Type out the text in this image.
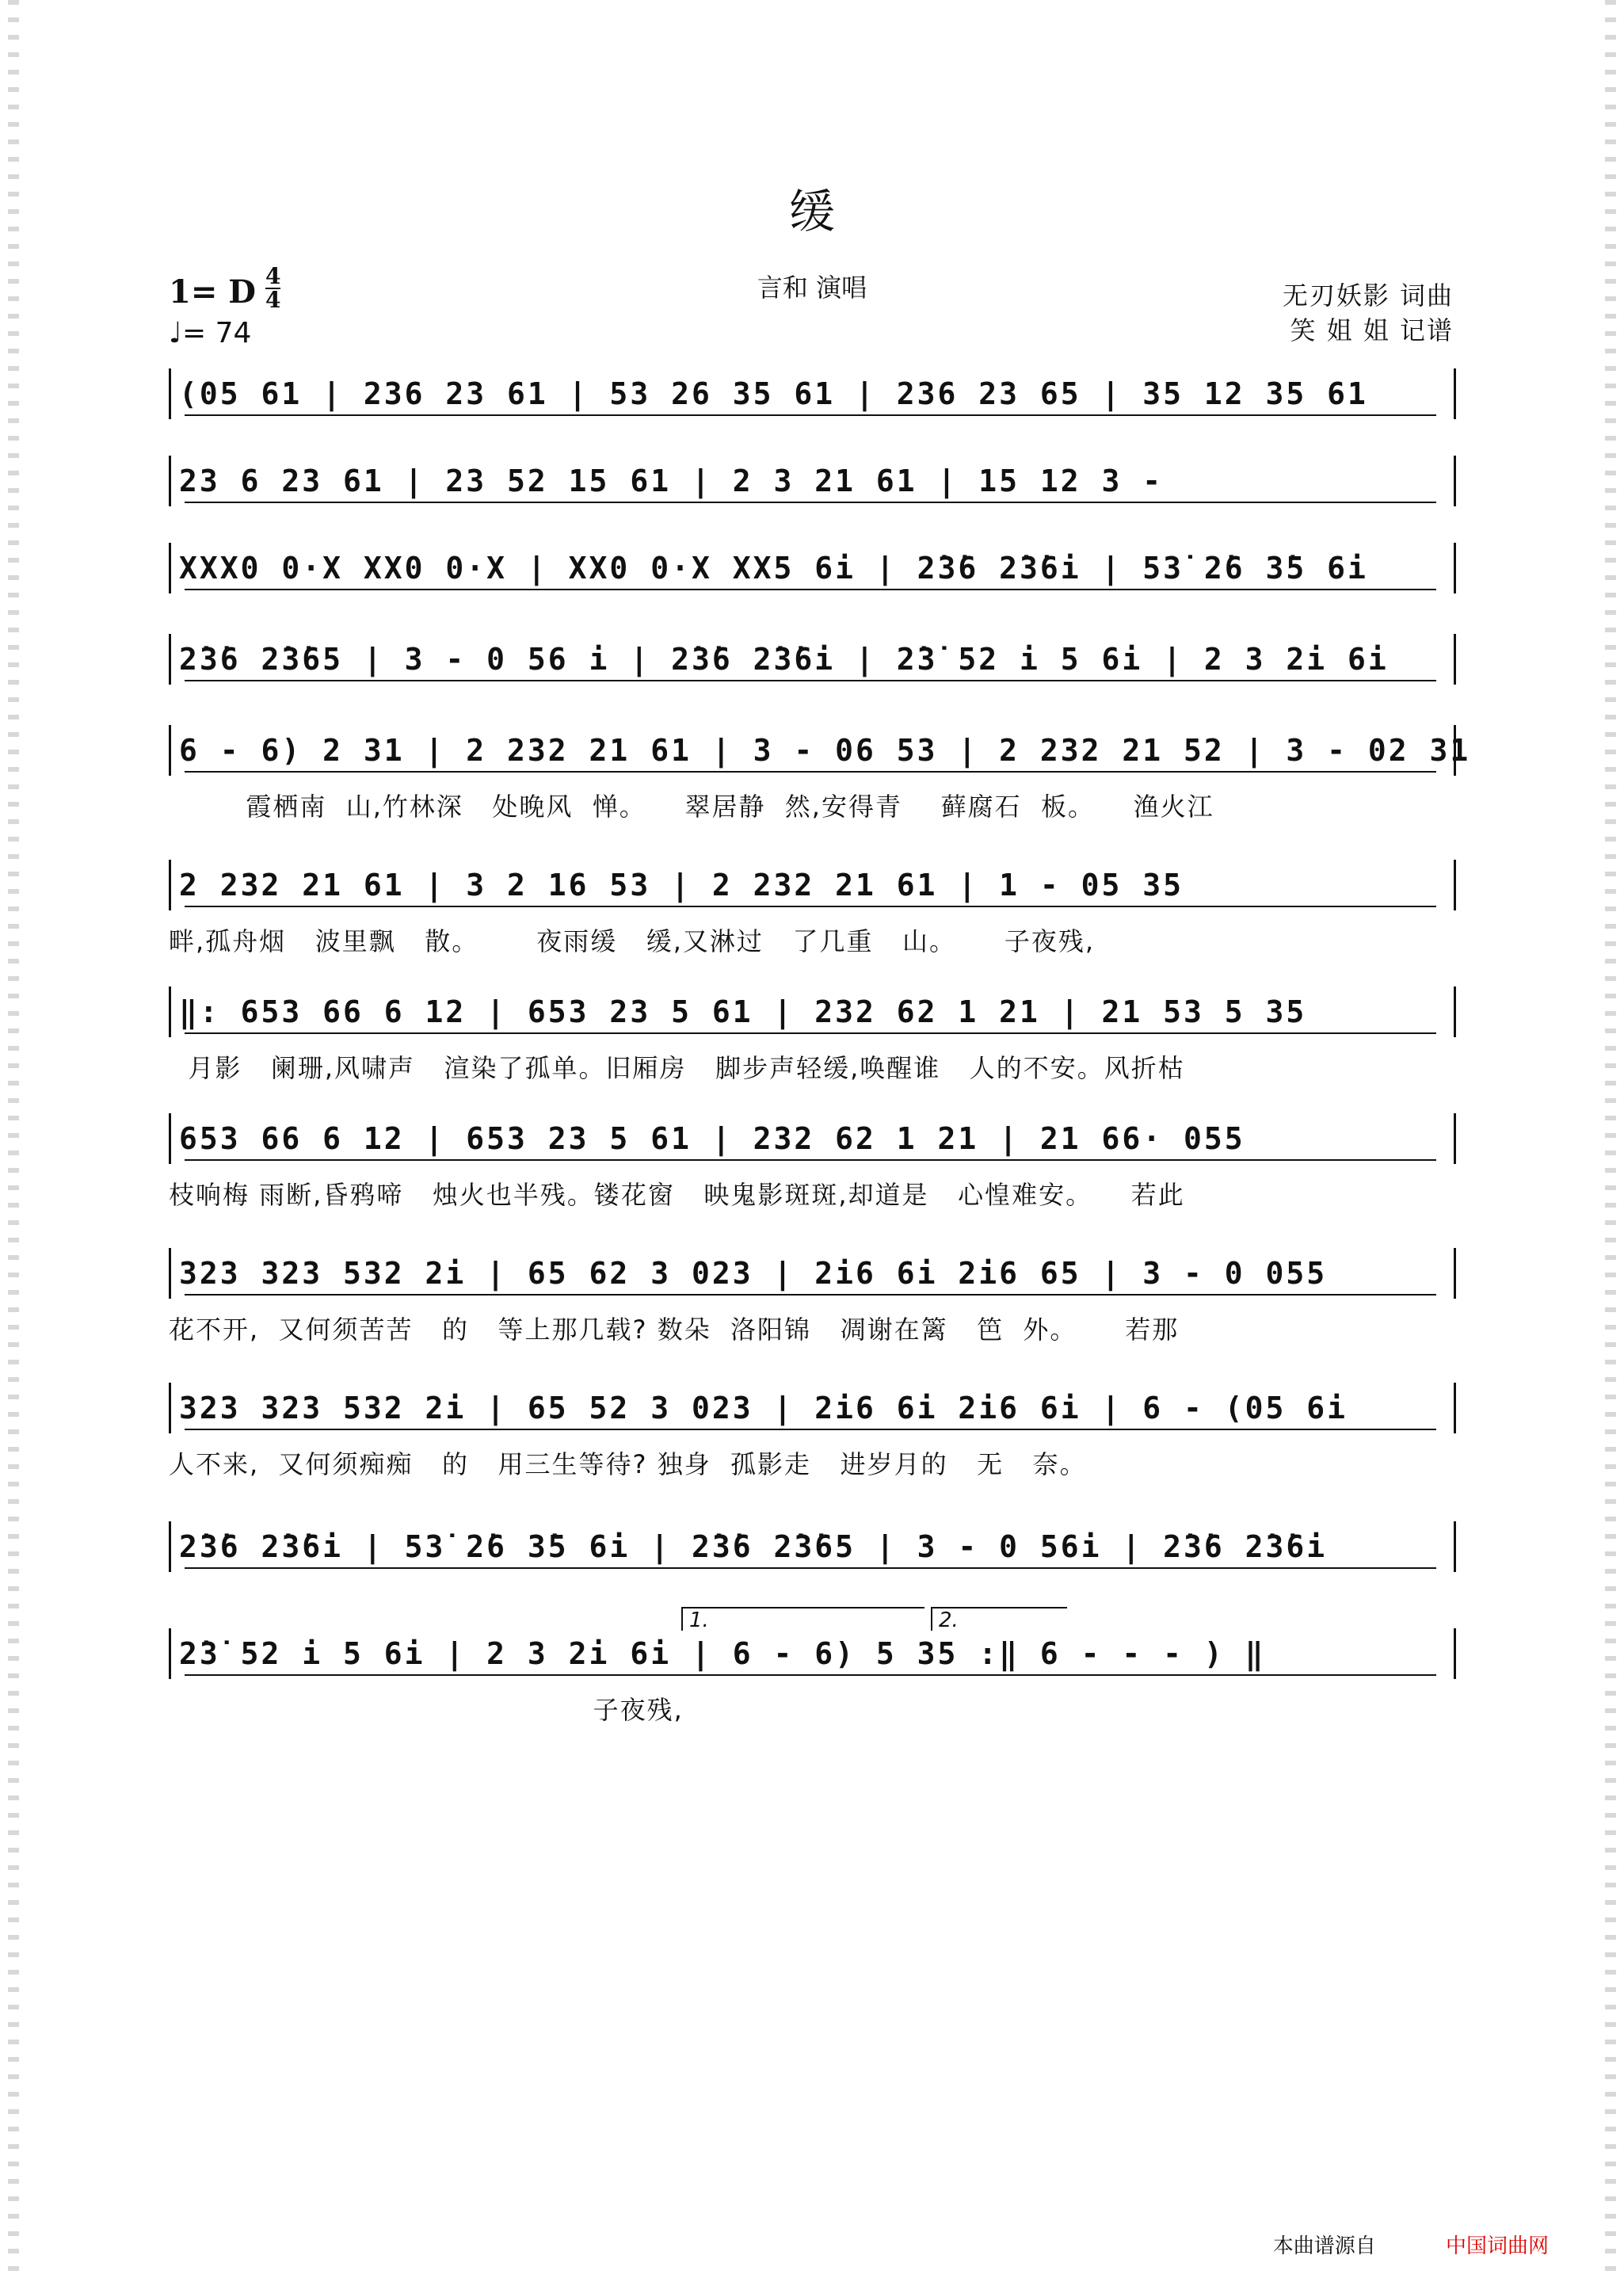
缓
1= D 4
4
♩= 74
言和 演唱	无刃妖影 词曲
笑 姐 姐 记谱
(05 61 | 236 23 61 | 53 26 35 61 | 236 23 65 | 35 12 35 61
23 6 23 61 | 23 52 15 61 | 2 3 21 61 | 15 12 3 -
XXX0 0·X XX0 0·X | XX0 0·X XX5 6i | 2̇3̇6 2̇3̇6i | 53̇ 2̇6 3̇5 6i
2̇3̇6 2̇3̇65 | 3 - 0 56 i | 2̇3̇6 2̇3̇6i | 2̇3̇ 52 i 5 6i | 2 3 2i 6i
6 - 6) 2 31 | 2 232 21 61 | 3 - 06 53 | 2 232 21 52 | 3 - 02 31
霞栖南  山,竹林深   处晚风  惮。    翠居静  然,安得青    藓腐石  板。    渔火江
2 232 21 61 | 3 2 16 53 | 2 232 21 61 | 1 - 05 35
畔,孤舟烟   波里飘   散。      夜雨缓   缓,又淋过   了几重   山。     子夜残,
‖: 653 66 6 12 | 653 23 5 61 | 232 62 1 21 | 21 53 5 35
月影   阑珊,风啸声   渲染了孤单。旧厢房   脚步声轻缓,唤醒谁   人的不安。风折枯
653 66 6 12 | 653 23 5 61 | 232 62 1 21 | 21 66· 055
枝响梅 雨断,昏鸦啼   烛火也半残。镂花窗   映鬼影斑斑,却道是   心惶难安。    若此
323 323 532 2i | 65 62 3 023 | 2i6 6i 2i6 65 | 3 - 0 055
花不开,  又何须苦苦   的   等上那几载? 数朵  洛阳锦   凋谢在篱   笆  外。     若那
323 323 532 2i | 65 52 3 023 | 2i6 6i 2i6 6i | 6 - (05 6i
人不来,  又何须痴痴   的   用三生等待? 独身  孤影走   进岁月的   无   奈。
2̇3̇6 2̇3̇6i | 53̇ 2̇6 3̇5 6i | 2̇3̇6 2̇3̇65 | 3 - 0 56i | 2̇3̇6 2̇3̇6i
2̇3̇ 52 i 5 6i | 2 3 2i 6i | 6 - 6) 5 35 :‖ 6 - - - ) ‖
子夜残,
1.	2.
本曲谱源自	中国词曲网
